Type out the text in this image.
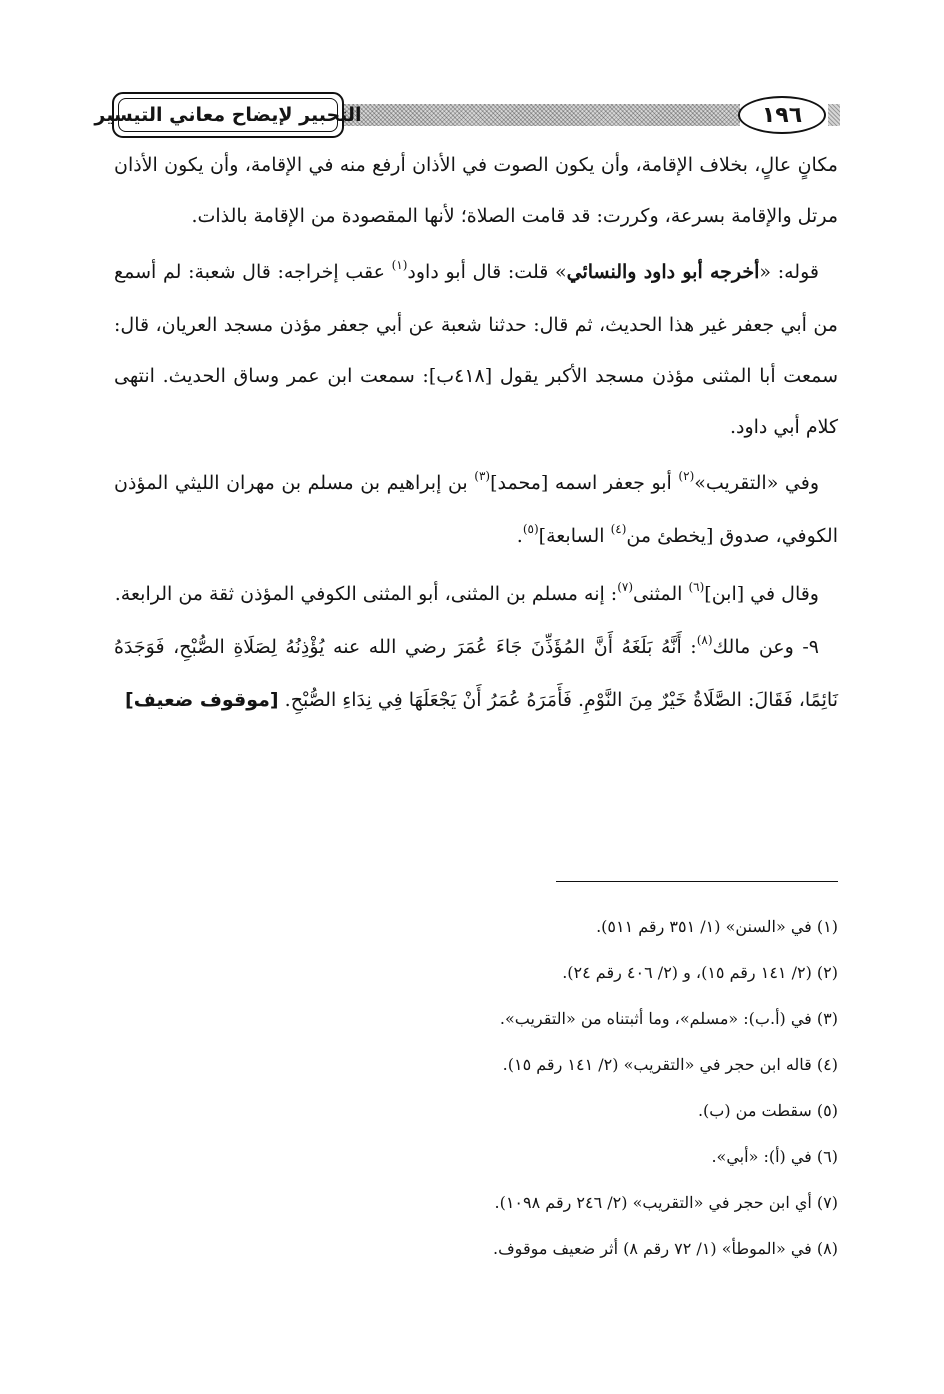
التحبير لإيضاح معاني التيسير	١٩٦

مكانٍ عالٍ، بخلاف الإقامة، وأن يكون الصوت في الأذان أرفع منه في الإقامة، وأن يكون الأذان مرتل والإقامة بسرعة، وكررت: قد قامت الصلاة؛ لأنها المقصودة من الإقامة بالذات.

 قوله: «أخرجه أبو داود والنسائي» قلت: قال أبو داود$^{(١)}$ عقب إخراجه: قال شعبة: لم أسمع من أبي جعفر غير هذا الحديث، ثم قال: حدثنا شعبة عن أبي جعفر مؤذن مسجد العريان، قال: سمعت أبا المثنى مؤذن مسجد الأكبر يقول [٤١٨ب]: سمعت ابن عمر وساق الحديث. انتهى كلام أبي داود.

 وفي «التقريب»$^{(٢)}$ أبو جعفر اسمه [محمد]$^{(٣)}$ بن إبراهيم بن مسلم بن مهران الليثي المؤذن الكوفي، صدوق [يخطئ من$^{(٤)}$ السابعة]$^{(٥)}$.

 وقال في [ابن]$^{(٦)}$ المثنى$^{(٧)}$: إنه مسلم بن المثنى، أبو المثنى الكوفي المؤذن ثقة من الرابعة.

 ٩- وعن مالك$^{(٨)}$: أَنَّهُ بَلَغَهُ أَنَّ المُؤَذِّنَ جَاءَ عُمَرَ رضي الله عنه يُؤْذِنُهُ لِصَلَاةِ الصُّبْحِ، فَوَجَدَهُ نَائِمًا، فَقَالَ: الصَّلَاةُ خَيْرٌ مِنَ النَّوْمِ. فَأَمَرَهُ عُمَرُ أَنْ يَجْعَلَهَا فِي نِدَاءِ الصُّبْحِ. [موقوف ضعيف]

(١) في «السنن» (١/ ٣٥١ رقم ٥١١).
(٢) (٢/ ١٤١ رقم ١٥)، و (٢/ ٤٠٦ رقم ٢٤).
(٣) في (أ.ب): «مسلم»، وما أثبتناه من «التقريب».
(٤) قاله ابن حجر في «التقريب» (٢/ ١٤١ رقم ١٥).
(٥) سقطت من (ب).
(٦) في (أ): «أبي».
(٧) أي ابن حجر في «التقريب» (٢/ ٢٤٦ رقم ١٠٩٨).
(٨) في «الموطأ» (١/ ٧٢ رقم ٨) أثر ضعيف موقوف.
